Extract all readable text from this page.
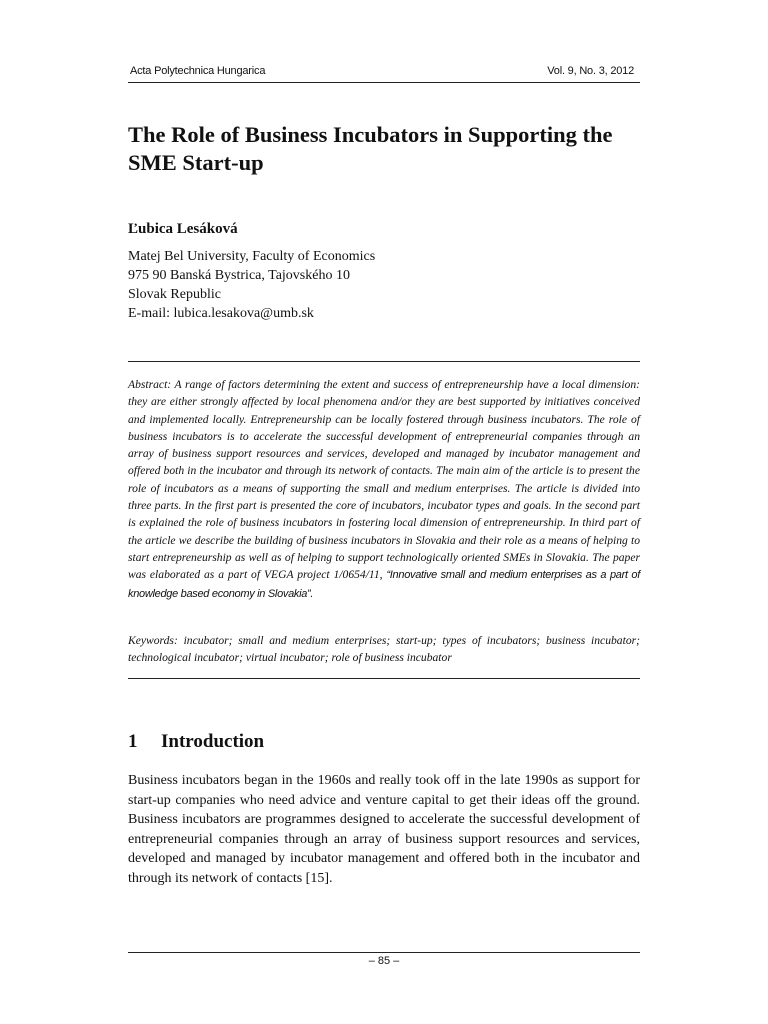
Acta Polytechnica Hungarica	Vol. 9, No. 3, 2012
The Role of Business Incubators in Supporting the SME Start-up

Ľubica Lesáková

Matej Bel University, Faculty of Economics
975 90 Banská Bystrica, Tajovského 10
Slovak Republic
E-mail: lubica.lesakova@umb.sk

Abstract: A range of factors determining the extent and success of entrepreneurship have a local dimension: they are either strongly affected by local phenomena and/or they are best supported by initiatives conceived and implemented locally. Entrepreneurship can be locally fostered through business incubators. The role of business incubators is to accelerate the successful development of entrepreneurial companies through an array of business support resources and services, developed and managed by incubator management and offered both in the incubator and through its network of contacts. The main aim of the article is to present the role of incubators as a means of supporting the small and medium enterprises. The article is divided into three parts. In the first part is presented the core of incubators, incubator types and goals. In the second part is explained the role of business incubators in fostering local dimension of entrepreneurship. In third part of the article we describe the building of business incubators in Slovakia and their role as a means of helping to start entrepreneurship as well as of helping to support technologically oriented SMEs in Slovakia. The paper was elaborated as a part of VEGA project 1/0654/11, “Innovative small and medium enterprises as a part of knowledge based economy in Slovakia”.

Keywords: incubator; small and medium enterprises; start-up; types of incubators; business incubator; technological incubator; virtual incubator; role of business incubator

1 Introduction

Business incubators began in the 1960s and really took off in the late 1990s as support for start-up companies who need advice and venture capital to get their ideas off the ground. Business incubators are programmes designed to accelerate the successful development of entrepreneurial companies through an array of business support resources and services, developed and managed by incubator management and offered both in the incubator and through its network of contacts [15].

– 85 –
